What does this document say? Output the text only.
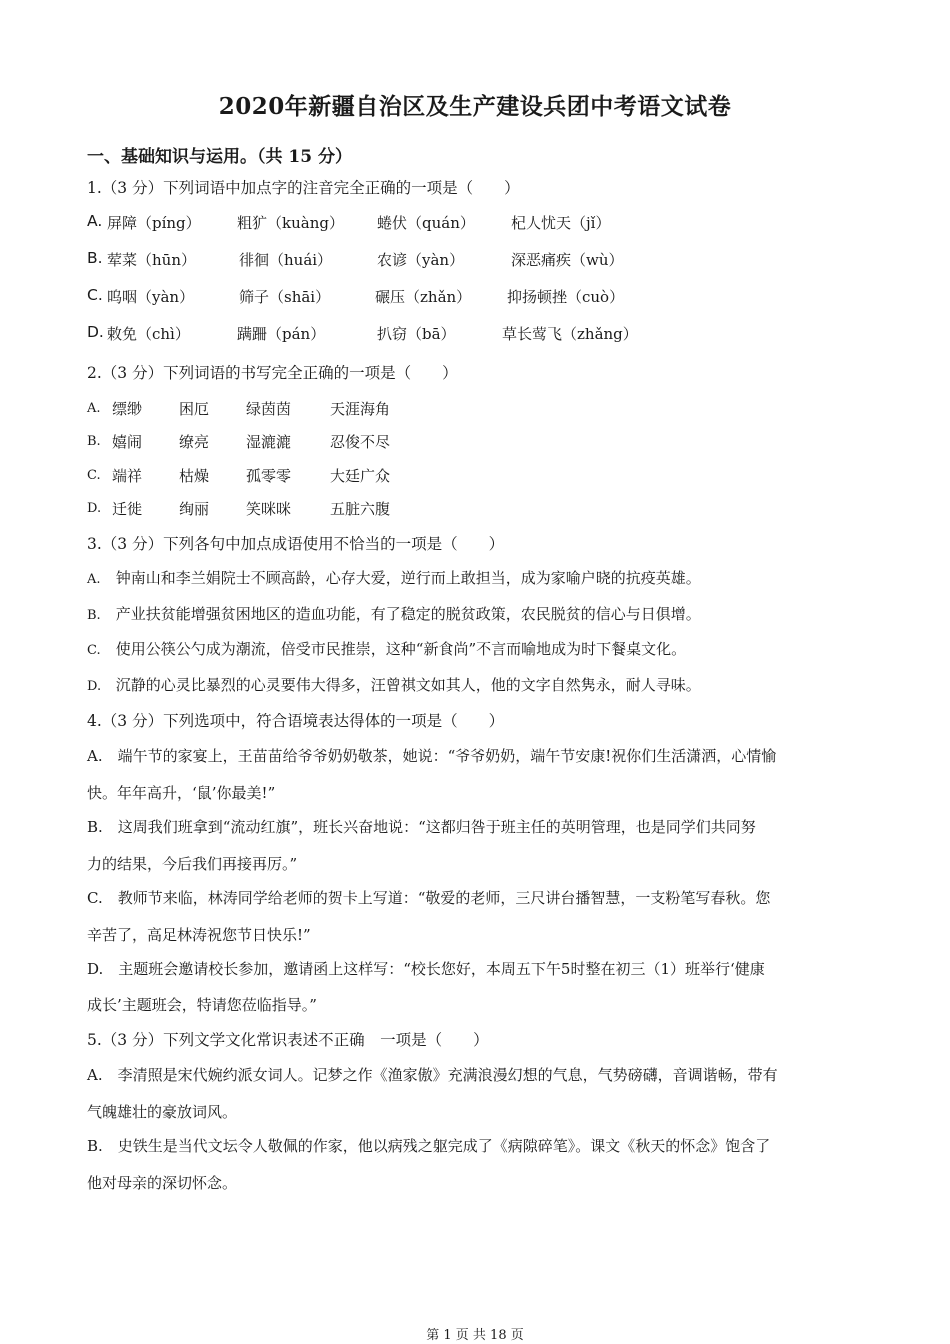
2020年新疆自治区及生产建设兵团中考语文试卷
一、基础知识与运用。（共 15 分）
1.（3 分）下列词语中加点字的注音完全正确的一项是（　　）
A. 屏障（píng） 粗犷（kuàng） 蜷伏（quán） 杞人忧天（jǐ）
B. 荤菜（hūn）	徘徊（huái）	农谚（yàn）	深恶痛疾（wù）
C. 呜咽（yàn）	筛子（shāi）	碾压（zhǎn） 抑扬顿挫（cuò）
D. 敕免（chì）	蹒跚（pán）	扒窃（bā）	草长莺飞（zhǎng）
2.（3 分）下列词语的书写完全正确的一项是（　　）
A. 缥缈 困厄 绿茵茵	天涯海角
B. 嬉闹 缭亮 湿漉漉	忍俊不尽
C. 端祥 枯燥 孤零零	大廷广众
D. 迁徙 绚丽 笑咪咪	五脏六腹
3.（3 分）下列各句中加点成语使用不恰当的一项是（　　）
A. 钟南山和李兰娟院士不顾高龄，心存大爱，逆行而上敢担当，成为家喻户晓的抗疫英雄。
B. 产业扶贫能增强贫困地区的造血功能，有了稳定的脱贫政策，农民脱贫的信心与日俱增。
C. 使用公筷公勺成为潮流，倍受市民推崇，这种“新食尚”不言而喻地成为时下餐桌文化。
D. 沉静的心灵比暴烈的心灵要伟大得多，汪曾祺文如其人，他的文字自然隽永，耐人寻味。
4.（3 分）下列选项中，符合语境表达得体的一项是（　　）
A.　端午节的家宴上，王苗苗给爷爷奶奶敬茶，她说：“爷爷奶奶，端午节安康!祝你们生活潇洒，心情愉
快。年年高升，‘鼠’你最美!”
B.　这周我们班拿到“流动红旗”，班长兴奋地说：“这都归咎于班主任的英明管理，也是同学们共同努
力的结果，今后我们再接再厉。”
C.　教师节来临，林涛同学给老师的贺卡上写道：“敬爱的老师，三尺讲台播智慧，一支粉笔写春秋。您
辛苦了，高足林涛祝您节日快乐!”
D.　主题班会邀请校长参加，邀请函上这样写：“校长您好，本周五下午5时整在初三（1）班举行‘健康
成长’主题班会，特请您莅临指导。”
5.（3 分）下列文学文化常识表述不正确　一项是（　　）
A.　李清照是宋代婉约派女词人。记梦之作《渔家傲》充满浪漫幻想的气息，气势磅礴，音调谐畅，带有
气魄雄壮的豪放词风。
B.　史铁生是当代文坛令人敬佩的作家，他以病残之躯完成了《病隙碎笔》。课文《秋天的怀念》饱含了
他对母亲的深切怀念。
第 1 页 共 18 页
